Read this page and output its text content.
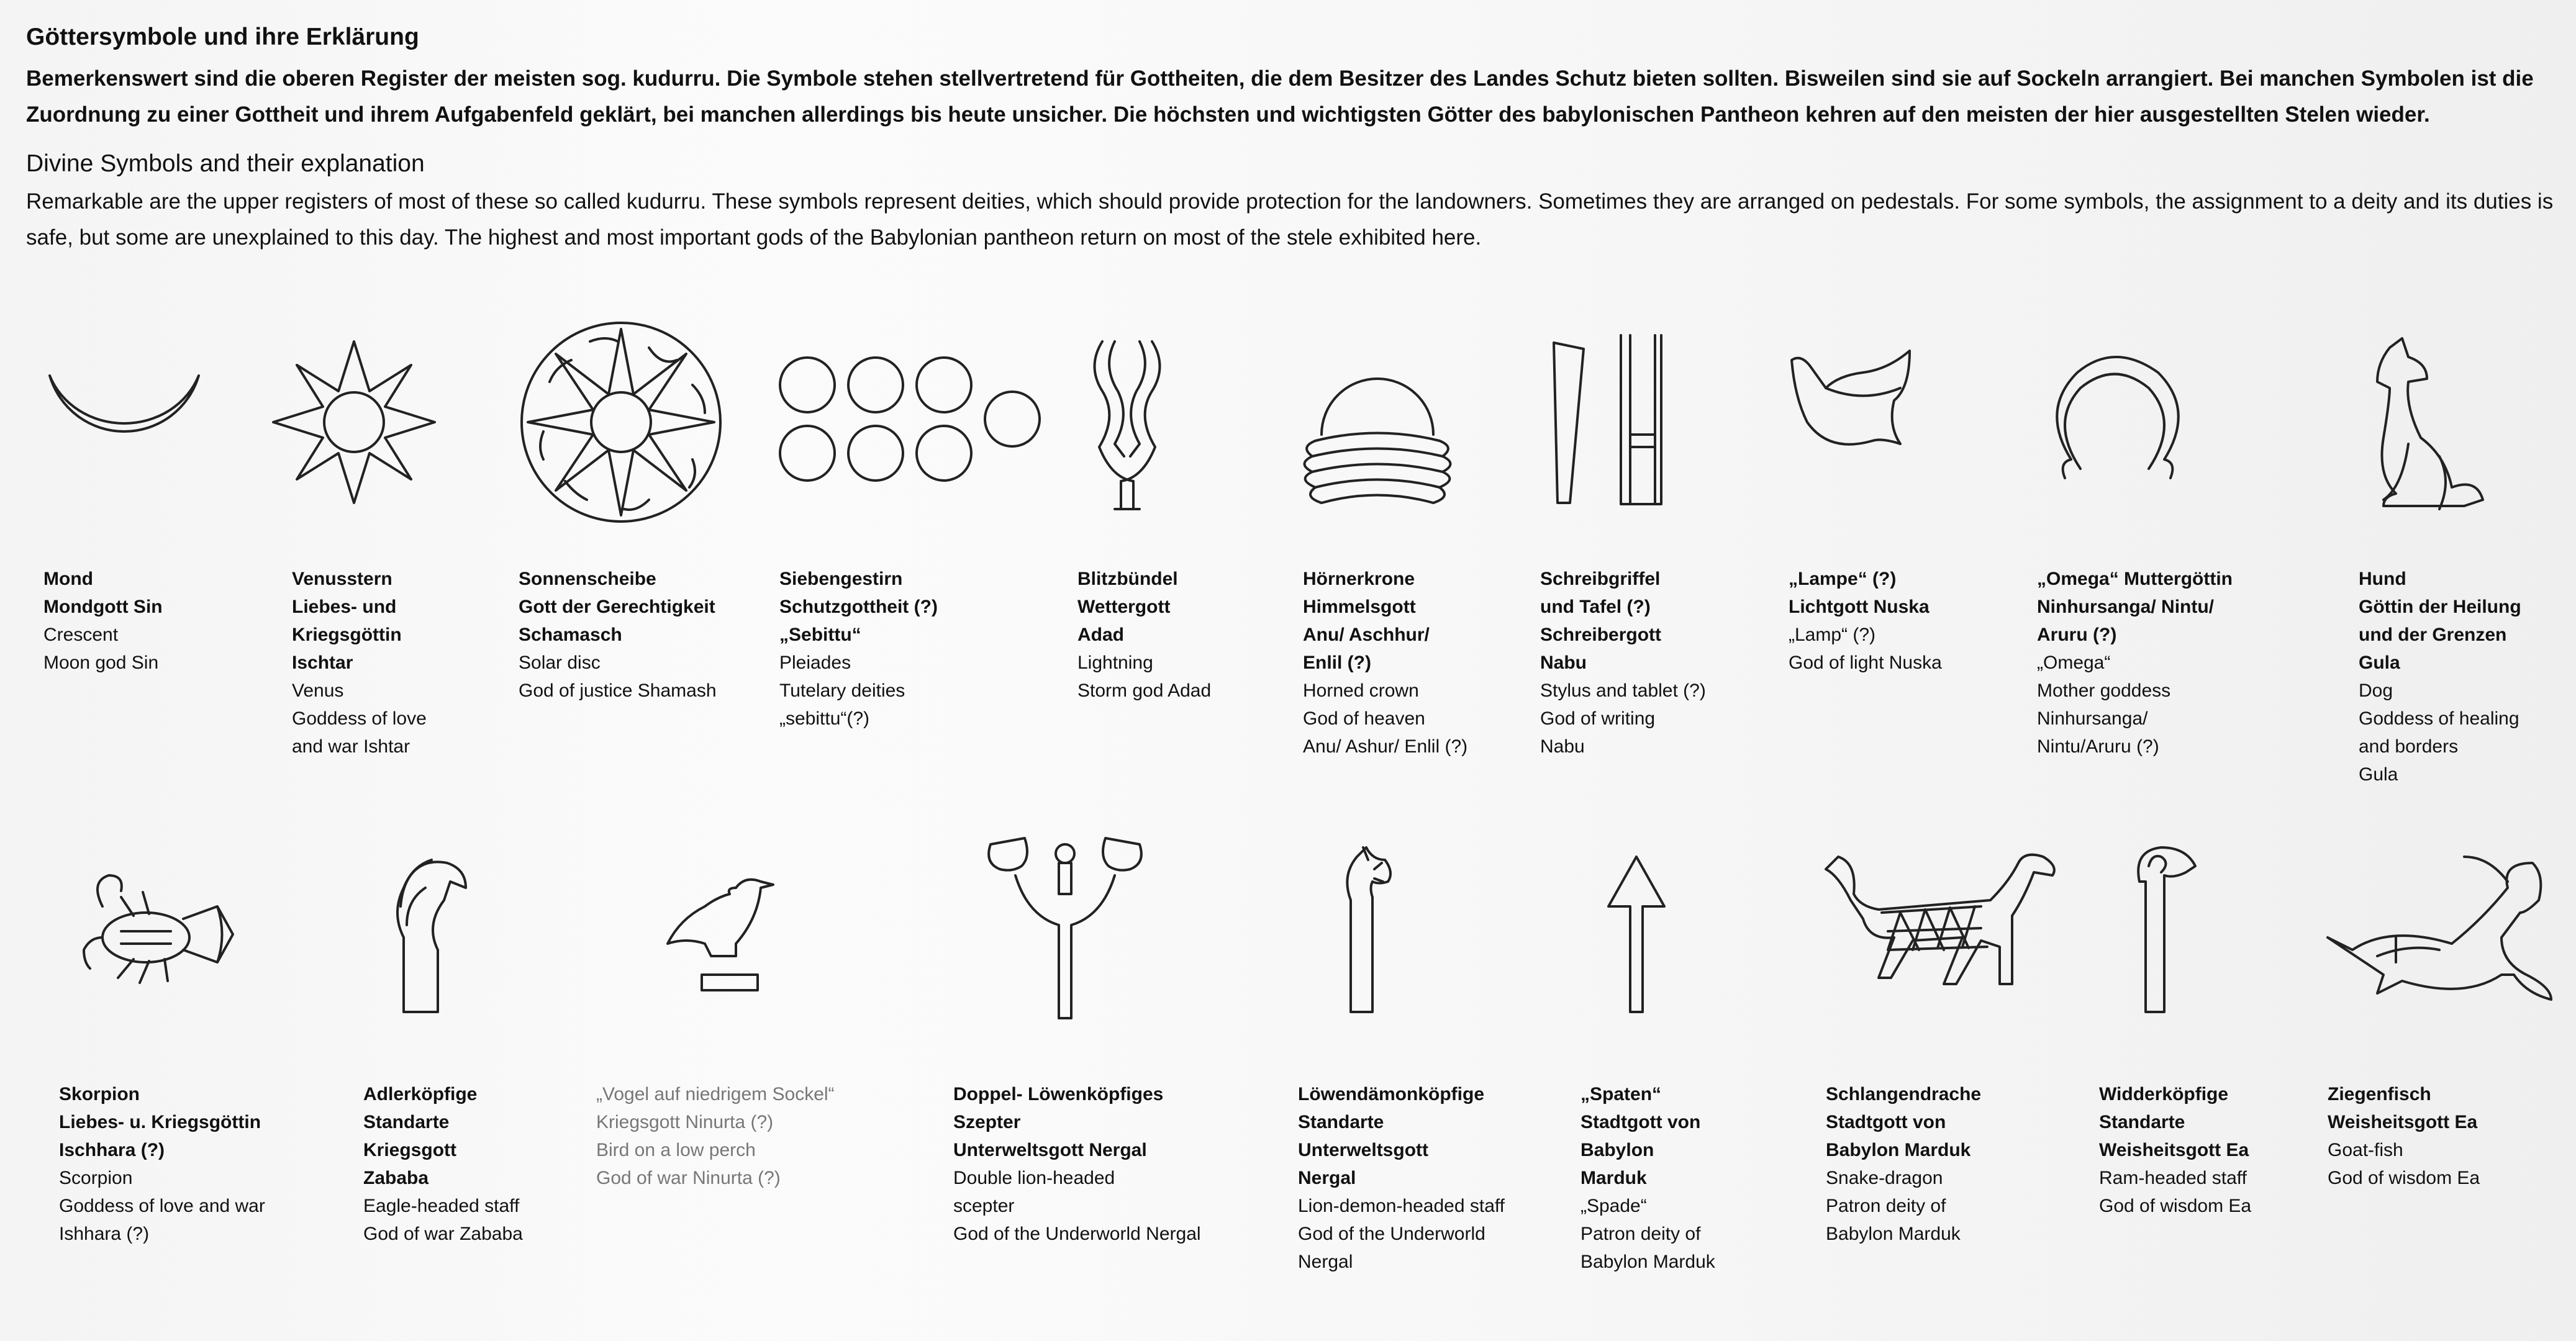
Göttersymbole und ihre Erklärung
Bemerkenswert sind die oberen Register der meisten sog. kudurru. Die Symbole stehen stellvertretend für Gottheiten, die dem Besitzer des Landes Schutz bieten sollten. Bisweilen sind sie auf Sockeln arrangiert. Bei manchen Symbolen ist die Zuordnung zu einer Gottheit und ihrem Aufgabenfeld geklärt, bei manchen allerdings bis heute unsicher. Die höchsten und wichtigsten Götter des babylonischen Pantheon kehren auf den meisten der hier ausgestellten Stelen wieder.
Divine Symbols and their explanation
Remarkable are the upper registers of most of these so called kudurru. These symbols represent deities, which should provide protection for the landowners. Sometimes they are arranged on pedestals. For some symbols, the assignment to a deity and its duties is safe, but some are unexplained to this day. The highest and most important gods of the Babylonian pantheon return on most of the stele exhibited here.
Mond
Mondgott Sin
Crescent
Moon god Sin
Venusstern
Liebes- und
Kriegsgöttin
Ischtar
Venus
Goddess of love
and war Ishtar
Sonnenscheibe
Gott der Gerechtigkeit
Schamasch
Solar disc
God of justice Shamash
Siebengestirn
Schutzgottheit (?)
„Sebittu“
Pleiades
Tutelary deities
„sebittu“(?)
Blitzbündel
Wettergott
Adad
Lightning
Storm god Adad
Hörnerkrone
Himmelsgott
Anu/ Aschhur/
Enlil (?)
Horned crown
God of heaven
Anu/ Ashur/ Enlil (?)
Schreibgriffel
und Tafel (?)
Schreibergott
Nabu
Stylus and tablet (?)
God of writing
Nabu
„Lampe“ (?)
Lichtgott Nuska
„Lamp“ (?)
God of light Nuska
„Omega“ Muttergöttin
Ninhursanga/ Nintu/
Aruru (?)
„Omega“
Mother goddess
Ninhursanga/
Nintu/Aruru (?)
Hund
Göttin der Heilung
und der Grenzen
Gula
Dog
Goddess of healing
and borders
Gula
Skorpion
Liebes- u. Kriegsgöttin
Ischhara (?)
Scorpion
Goddess of love and war
Ishhara (?)
Adlerköpfige
Standarte
Kriegsgott
Zababa
Eagle-headed staff
God of war Zababa
„Vogel auf niedrigem Sockel“
Kriegsgott Ninurta (?)
Bird on a low perch
God of war Ninurta (?)
Doppel- Löwenköpfiges
Szepter
Unterweltsgott Nergal
Double lion-headed
scepter
God of the Underworld Nergal
Löwendämonköpfige
Standarte
Unterweltsgott
Nergal
Lion-demon-headed staff
God of the Underworld
Nergal
„Spaten“
Stadtgott von
Babylon
Marduk
„Spade“
Patron deity of
Babylon Marduk
Schlangendrache
Stadtgott von
Babylon Marduk
Snake-dragon
Patron deity of
Babylon Marduk
Widderköpfige
Standarte
Weisheitsgott Ea
Ram-headed staff
God of wisdom Ea
Ziegenfisch
Weisheitsgott Ea
Goat-fish
God of wisdom Ea
